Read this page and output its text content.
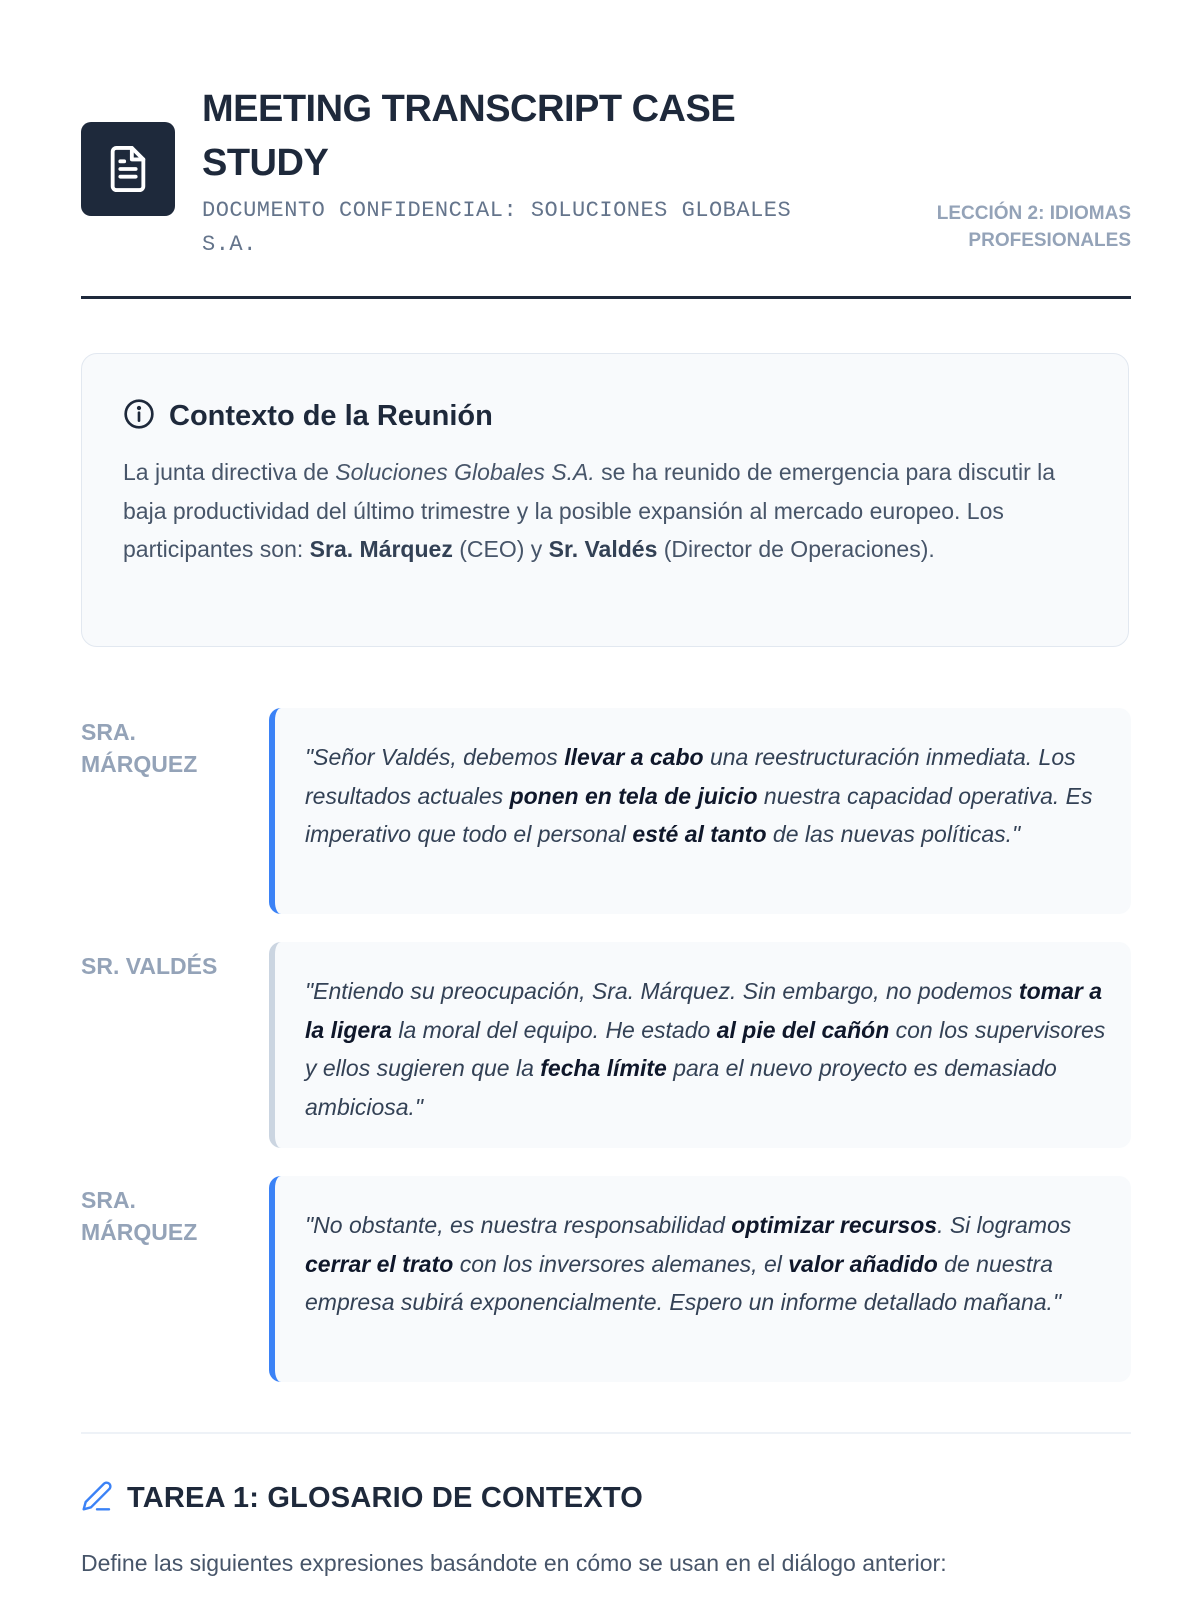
MEETING TRANSCRIPT CASE STUDY
DOCUMENTO CONFIDENCIAL: SOLUCIONES GLOBALES S.A.
LECCIÓN 2: IDIOMAS PROFESIONALES
Contexto de la Reunión
La junta directiva de Soluciones Globales S.A. se ha reunido de emergencia para discutir la baja productividad del último trimestre y la posible expansión al mercado europeo. Los participantes son: Sra. Márquez (CEO) y Sr. Valdés (Director de Operaciones).
SRA. MÁRQUEZ	"Señor Valdés, debemos llevar a cabo una reestructuración inmediata. Los resultados actuales ponen en tela de juicio nuestra capacidad operativa. Es imperativo que todo el personal esté al tanto de las nuevas políticas."
SR. VALDÉS
"Entiendo su preocupación, Sra. Márquez. Sin embargo, no podemos tomar a la ligera la moral del equipo. He estado al pie del cañón con los supervisores y ellos sugieren que la fecha límite para el nuevo proyecto es demasiado ambiciosa."
SRA. MÁRQUEZ	"No obstante, es nuestra responsabilidad optimizar recursos. Si logramos cerrar el trato con los inversores alemanes, el valor añadido de nuestra empresa subirá exponencialmente. Espero un informe detallado mañana."
TAREA 1: GLOSARIO DE CONTEXTO
Define las siguientes expresiones basándote en cómo se usan en el diálogo anterior:
